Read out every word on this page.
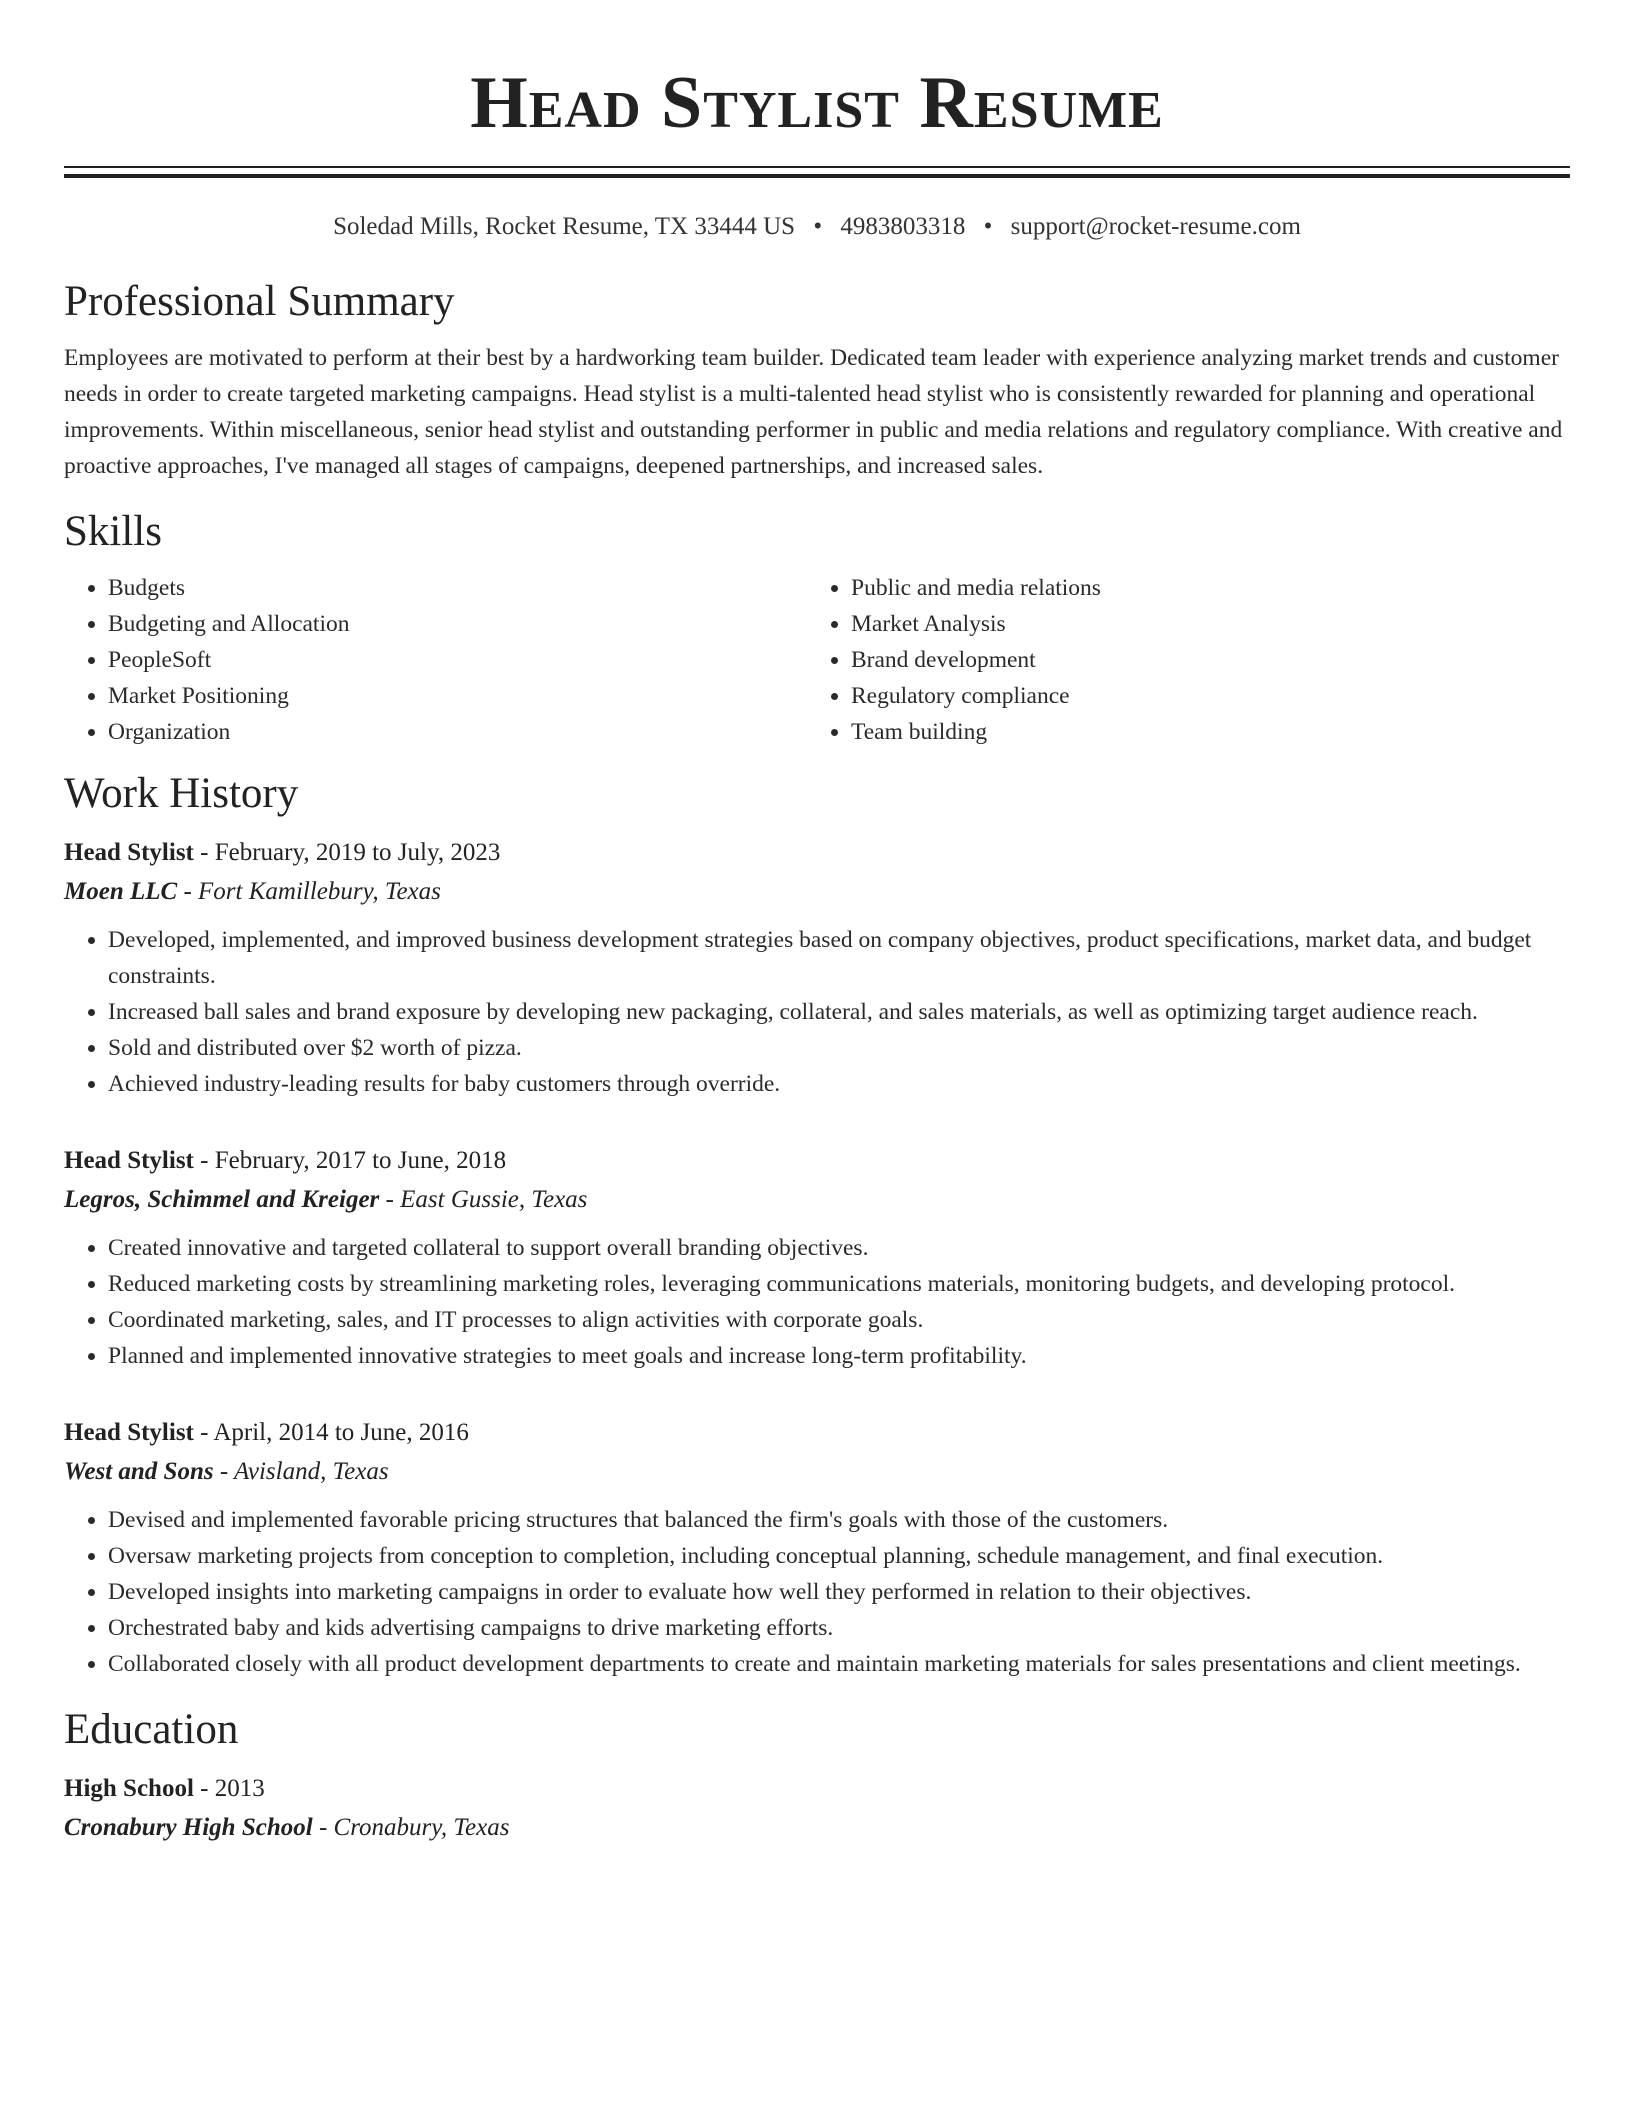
Head Stylist Resume
Soledad Mills, Rocket Resume, TX 33444 US • 4983803318 • support@rocket-resume.com
Professional Summary

Employees are motivated to perform at their best by a hardworking team builder. Dedicated team leader with experience analyzing market trends and customer needs in order to create targeted marketing campaigns. Head stylist is a multi-talented head stylist who is consistently rewarded for planning and operational improvements. Within miscellaneous, senior head stylist and outstanding performer in public and media relations and regulatory compliance. With creative and proactive approaches, I've managed all stages of campaigns, deepened partnerships, and increased sales.

Skills
• Budgets
• Budgeting and Allocation
• PeopleSoft
• Market Positioning
• Organization
• Public and media relations
• Market Analysis
• Brand development
• Regulatory compliance
• Team building
Work History
Head Stylist - February, 2019 to July, 2023
Moen LLC - Fort Kamillebury, Texas
• Developed, implemented, and improved business development strategies based on company objectives, product specifications, market data, and budget constraints.
• Increased ball sales and brand exposure by developing new packaging, collateral, and sales materials, as well as optimizing target audience reach.
• Sold and distributed over $2 worth of pizza.
• Achieved industry-leading results for baby customers through override.
Head Stylist - February, 2017 to June, 2018
Legros, Schimmel and Kreiger - East Gussie, Texas
• Created innovative and targeted collateral to support overall branding objectives.
• Reduced marketing costs by streamlining marketing roles, leveraging communications materials, monitoring budgets, and developing protocol.
• Coordinated marketing, sales, and IT processes to align activities with corporate goals.
• Planned and implemented innovative strategies to meet goals and increase long-term profitability.
Head Stylist - April, 2014 to June, 2016
West and Sons - Avisland, Texas
• Devised and implemented favorable pricing structures that balanced the firm's goals with those of the customers.
• Oversaw marketing projects from conception to completion, including conceptual planning, schedule management, and final execution.
• Developed insights into marketing campaigns in order to evaluate how well they performed in relation to their objectives.
• Orchestrated baby and kids advertising campaigns to drive marketing efforts.
• Collaborated closely with all product development departments to create and maintain marketing materials for sales presentations and client meetings.
Education
High School - 2013
Cronabury High School - Cronabury, Texas
